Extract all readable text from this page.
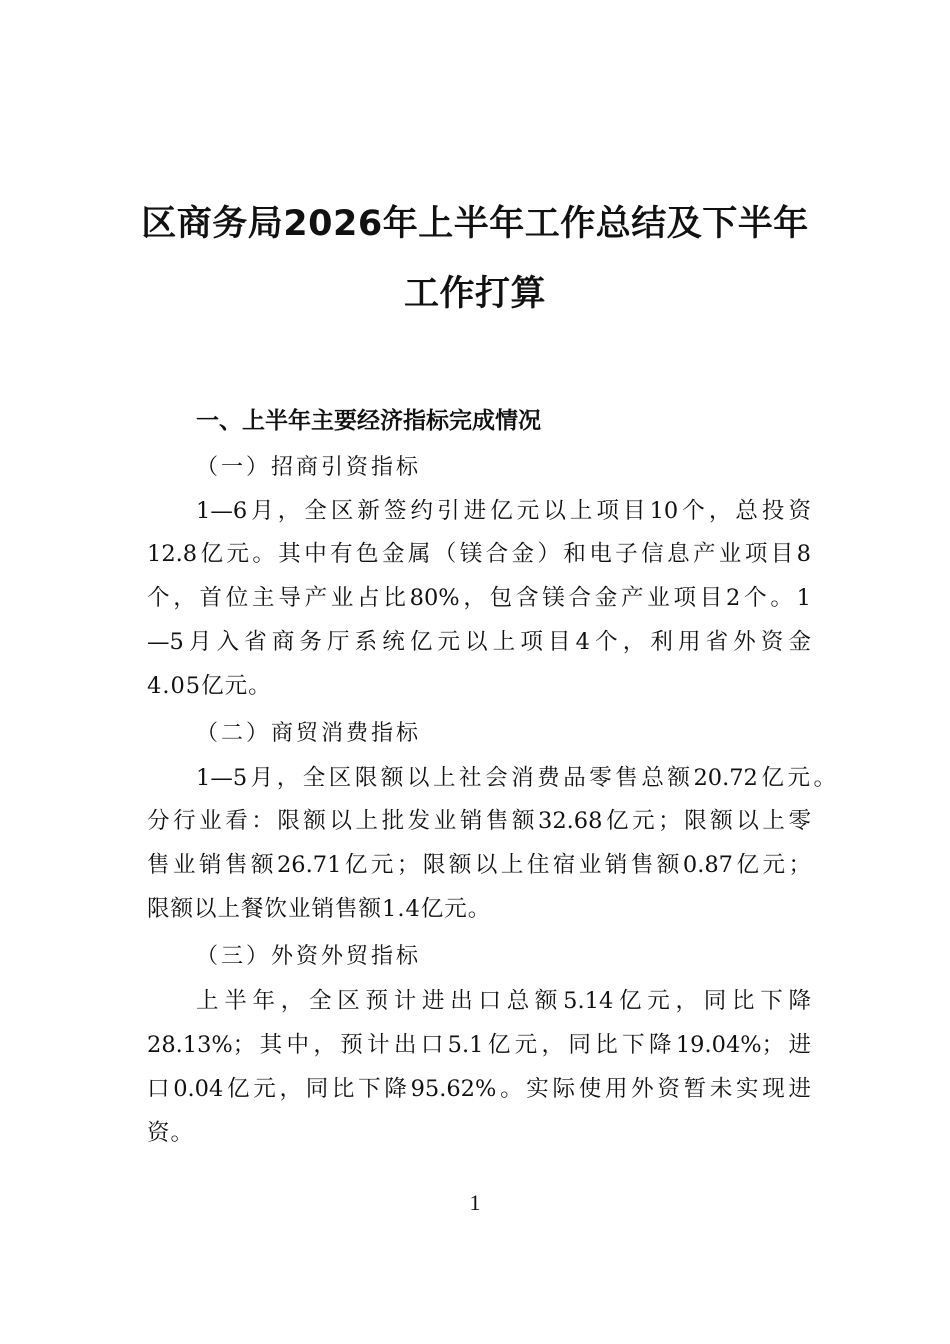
区商务局2026年上半年工作总结及下半年
工作打算
一、上半年主要经济指标完成情况
（一）招商引资指标
1—6月，全区新签约引进亿元以上项目10个，总投资
12.8亿元。其中有色金属（镁合金）和电子信息产业项目8
个，首位主导产业占比80%，包含镁合金产业项目2个。1
—5月入省商务厅系统亿元以上项目4个，利用省外资金
4.05亿元。
（二）商贸消费指标
1—5月，全区限额以上社会消费品零售总额20.72亿元。
分行业看：限额以上批发业销售额32.68亿元；限额以上零
售业销售额26.71亿元；限额以上住宿业销售额0.87亿元；
限额以上餐饮业销售额1.4亿元。
（三）外资外贸指标
上半年，全区预计进出口总额5.14亿元，同比下降
28.13%；其中，预计出口5.1亿元，同比下降19.04%；进
口0.04亿元，同比下降95.62%。实际使用外资暂未实现进
资。
1
